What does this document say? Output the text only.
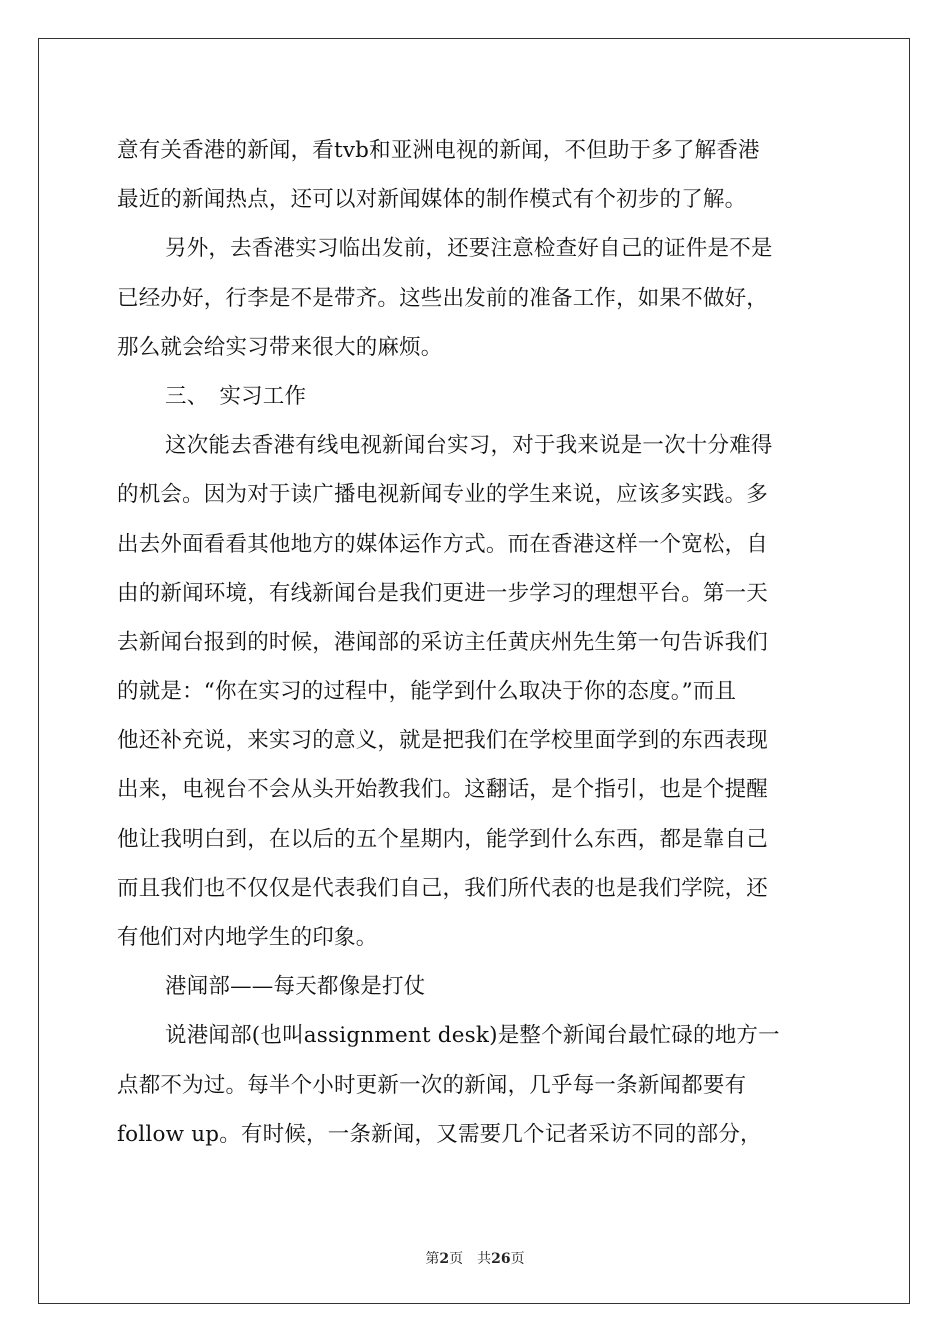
意有关香港的新闻，看tvb和亚洲电视的新闻，不但助于多了解香港
最近的新闻热点，还可以对新闻媒体的制作模式有个初步的了解。
另外，去香港实习临出发前，还要注意检查好自己的证件是不是
已经办好，行李是不是带齐。这些出发前的准备工作，如果不做好，
那么就会给实习带来很大的麻烦。
三、　实习工作
这次能去香港有线电视新闻台实习，对于我来说是一次十分难得
的机会。因为对于读广播电视新闻专业的学生来说，应该多实践。多
出去外面看看其他地方的媒体运作方式。而在香港这样一个宽松，自
由的新闻环境，有线新闻台是我们更进一步学习的理想平台。第一天
去新闻台报到的时候，港闻部的采访主任黄庆州先生第一句告诉我们
的就是：“你在实习的过程中，能学到什么取决于你的态度。”而且
他还补充说，来实习的意义，就是把我们在学校里面学到的东西表现
出来，电视台不会从头开始教我们。这翻话，是个指引，也是个提醒
他让我明白到，在以后的五个星期内，能学到什么东西，都是靠自己
而且我们也不仅仅是代表我们自己，我们所代表的也是我们学院，还
有他们对内地学生的印象。
港闻部——每天都像是打仗
说港闻部(也叫assignment desk)是整个新闻台最忙碌的地方一
点都不为过。每半个小时更新一次的新闻，几乎每一条新闻都要有
follow up。有时候，一条新闻，又需要几个记者采访不同的部分，
第2页　共26页
